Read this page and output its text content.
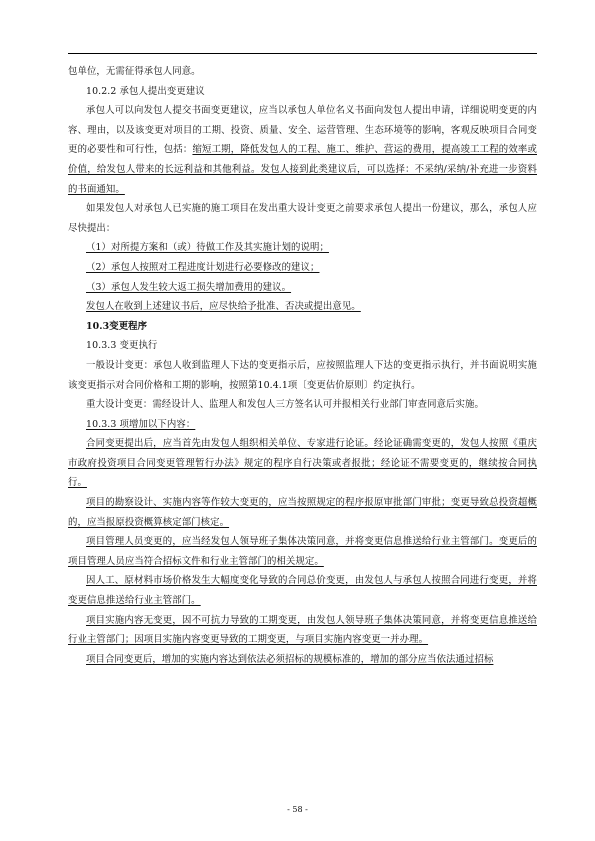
包单位，无需征得承包人同意。

10.2.2 承包人提出变更建议

承包人可以向发包人提交书面变更建议，应当以承包人单位名义书面向发包人提出申请，详细说明变更的内容、理由，以及该变更对项目的工期、投资、质量、安全、运营管理、生态环境等的影响，客观反映项目合同变更的必要性和可行性，包括：缩短工期，降低发包人的工程、施工、维护、营运的费用，提高竣工工程的效率或价值，给发包人带来的长远利益和其他利益。发包人接到此类建议后，可以选择：不采纳/采纳/补充进一步资料的书面通知。

如果发包人对承包人已实施的施工项目在发出重大设计变更之前要求承包人提出一份建议，那么，承包人应尽快提出：

（1）对所提方案和（或）待做工作及其实施计划的说明；

（2）承包人按照对工程进度计划进行必要修改的建议；

（3）承包人发生较大返工损失增加费用的建议。

发包人在收到上述建议书后，应尽快给予批准、否决或提出意见。

10.3变更程序

10.3.3 变更执行

一般设计变更：承包人收到监理人下达的变更指示后，应按照监理人下达的变更指示执行，并书面说明实施该变更指示对合同价格和工期的影响，按照第10.4.1项〔变更估价原则〕约定执行。

重大设计变更：需经设计人、监理人和发包人三方签名认可并报相关行业部门审查同意后实施。

10.3.3 项增加以下内容：

合同变更提出后，应当首先由发包人组织相关单位、专家进行论证。经论证确需变更的，发包人按照《重庆市政府投资项目合同变更管理暂行办法》规定的程序自行决策或者报批；经论证不需要变更的，继续按合同执行。

项目的勘察设计、实施内容等作较大变更的，应当按照规定的程序报原审批部门审批；变更导致总投资超概的，应当报原投资概算核定部门核定。

项目管理人员变更的，应当经发包人领导班子集体决策同意，并将变更信息推送给行业主管部门。变更后的项目管理人员应当符合招标文件和行业主管部门的相关规定。

因人工、原材料市场价格发生大幅度变化导致的合同总价变更，由发包人与承包人按照合同进行变更，并将变更信息推送给行业主管部门。

项目实施内容无变更，因不可抗力导致的工期变更，由发包人领导班子集体决策同意，并将变更信息推送给行业主管部门；因项目实施内容变更导致的工期变更，与项目实施内容变更一并办理。

项目合同变更后，增加的实施内容达到依法必须招标的规模标准的，增加的部分应当依法通过招标

- 58 -
